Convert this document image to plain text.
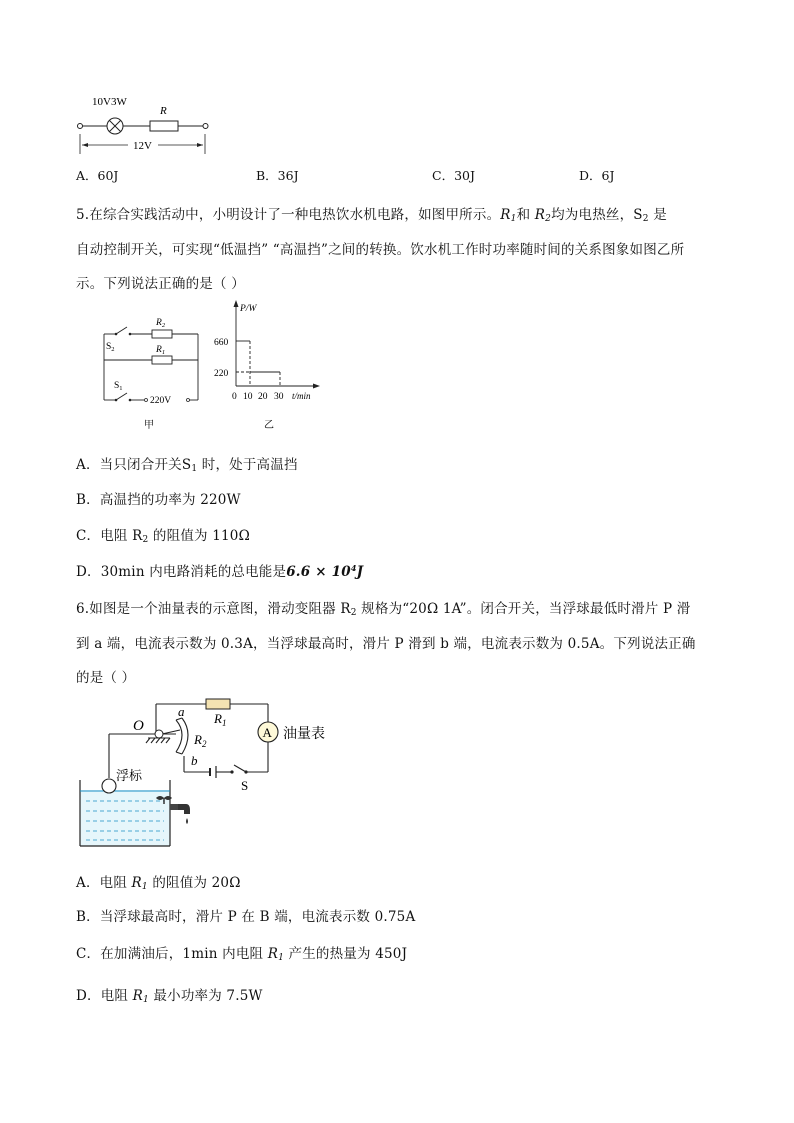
10V3W
R
12V
A．60J	B．36J	C．30J	D．6J
5.在综合实践活动中，小明设计了一种电热饮水机电路，如图甲所示。$R_1$和 $R_2$均为电热丝，$S_2$ 是
自动控制开关，可实现“低温挡” “高温挡”之间的转换。饮水机工作时功率随时间的关系图象如图乙所
示。下列说法正确的是（ ）
$S_2$
$R_2$
$R_1$
$S_1$
220V
甲
P/W
660
220
0 10 20 30 t/min
乙
A．当只闭合开关$S_1$ 时，处于高温挡
B．高温挡的功率为 220W
C．电阻 $R_2$ 的阻值为 110Ω
D．30min 内电路消耗的总电能是$6.6 \times 10^4J$
6.如图是一个油量表的示意图，滑动变阻器 $R_2$ 规格为“20Ω 1A”。闭合开关，当浮球最低时滑片 P 滑
到 a 端，电流表示数为 0.3A，当浮球最高时，滑片 P 滑到 b 端，电流表示数为 0.5A。下列说法正确
的是（ ）
A 油量表
O
a
b
$R_1$
$R_2$
S
浮标
A．电阻 $R_1$ 的阻值为 20Ω
B．当浮球最高时，滑片 P 在 B 端，电流表示数 0.75A
C．在加满油后，1min 内电阻 $R_1$ 产生的热量为 450J
D．电阻 $R_1$ 最小功率为 7.5W
